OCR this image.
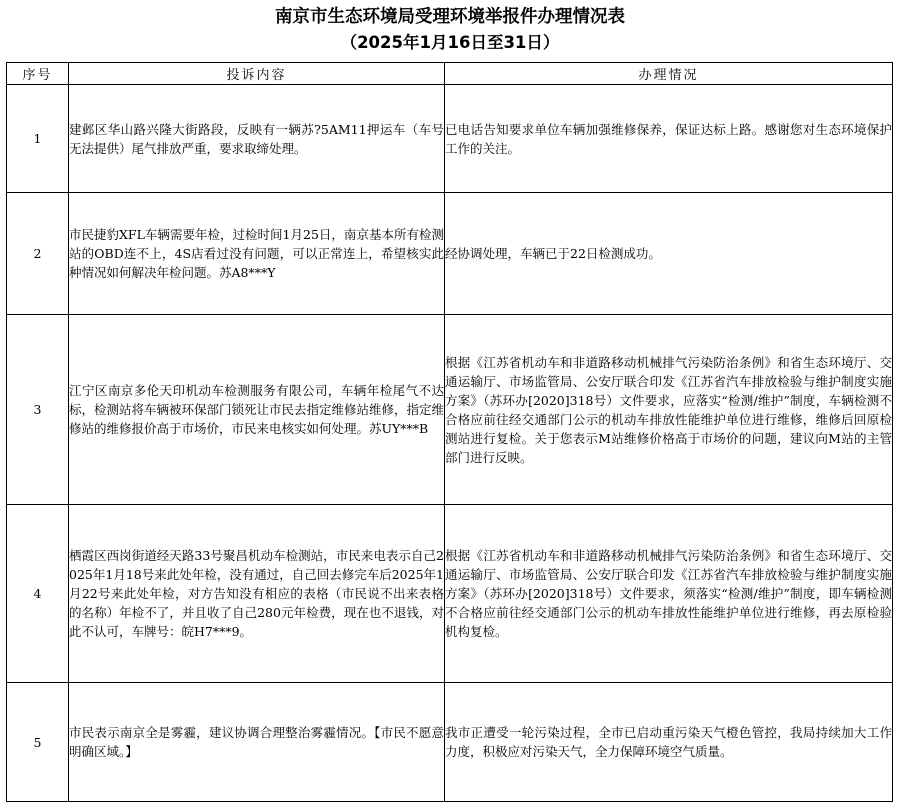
南京市生态环境局受理环境举报件办理情况表
（2025年1月16日至31日）
序号	投诉内容	办理情况
1	建邺区华山路兴隆大街路段，反映有一辆苏?5AM11押运车（车号无法提供）尾气排放严重，要求取缔处理。	已电话告知要求单位车辆加强维修保养，保证达标上路。感谢您对生态环境保护工作的关注。
2	市民捷豹XFL车辆需要年检，过检时间1月25日，南京基本所有检测站的OBD连不上，4S店看过没有问题，可以正常连上，希望核实此种情况如何解决年检问题。苏A8***Y	经协调处理，车辆已于22日检测成功。
3	江宁区南京多伦天印机动车检测服务有限公司，车辆年检尾气不达标，检测站将车辆被环保部门锁死让市民去指定维修站维修，指定维修站的维修报价高于市场价，市民来电核实如何处理。苏UY***B	根据《江苏省机动车和非道路移动机械排气污染防治条例》和省生态环境厅、交通运输厅、市场监管局、公安厅联合印发《江苏省汽车排放检验与维护制度实施方案》（苏环办[2020]318号）文件要求，应落实“检测/维护”制度，车辆检测不合格应前往经交通部门公示的机动车排放性能维护单位进行维修，维修后回原检测站进行复检。关于您表示M站维修价格高于市场价的问题，建议向M站的主管部门进行反映。
4	栖霞区西岗街道经天路33号聚昌机动车检测站，市民来电表示自己2025年1月18号来此处年检，没有通过，自己回去修完车后2025年1月22号来此处年检，对方告知没有相应的表格（市民说不出来表格的名称）年检不了，并且收了自己280元年检费，现在也不退钱，对此不认可，车牌号：皖H7***9。	根据《江苏省机动车和非道路移动机械排气污染防治条例》和省生态环境厅、交通运输厅、市场监管局、公安厅联合印发《江苏省汽车排放检验与维护制度实施方案》（苏环办[2020]318号）文件要求，须落实“检测/维护”制度，即车辆检测不合格应前往经交通部门公示的机动车排放性能维护单位进行维修，再去原检验机构复检。
5	市民表示南京全是雾霾，建议协调合理整治雾霾情况。【市民不愿意明确区域。】	我市正遭受一轮污染过程，全市已启动重污染天气橙色管控，我局持续加大工作力度，积极应对污染天气，全力保障环境空气质量。
